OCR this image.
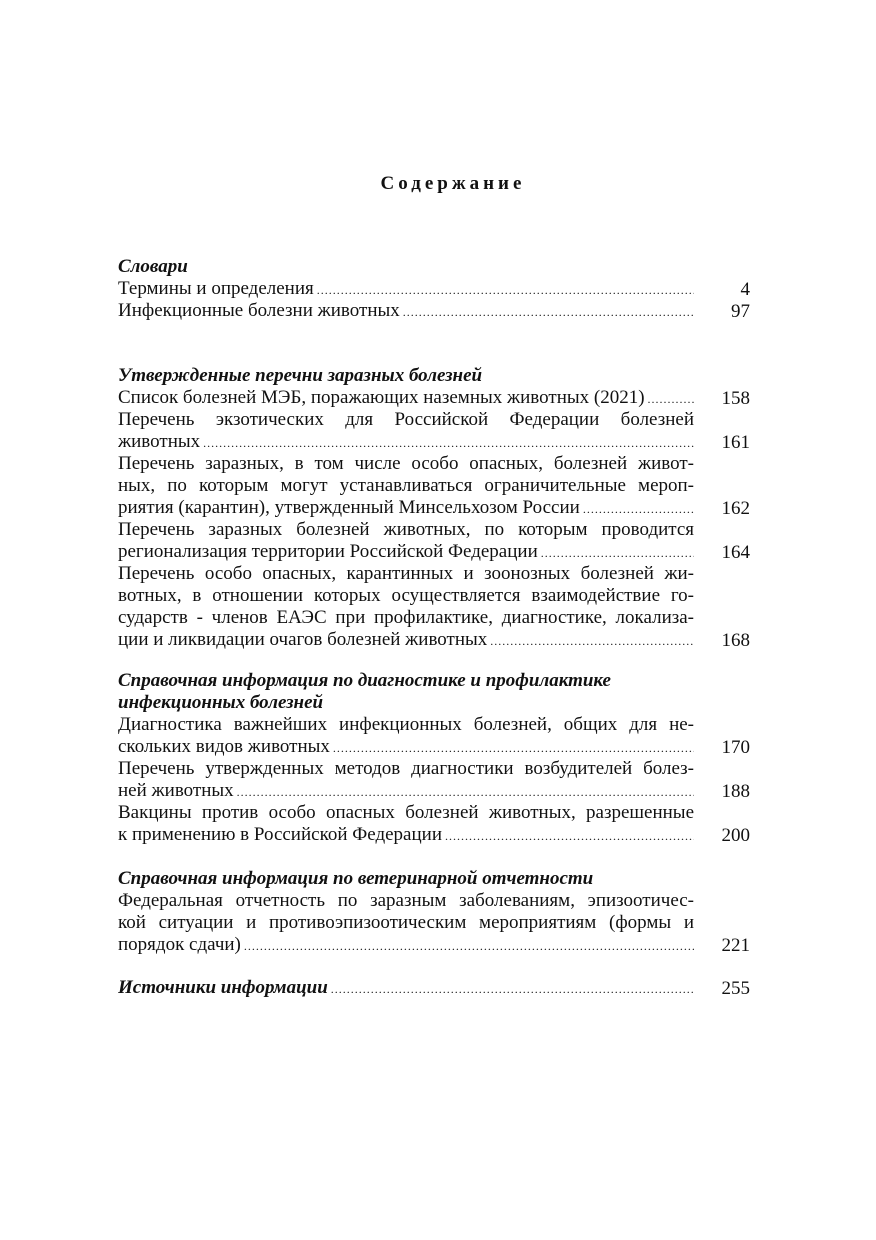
Содержание
Словари
Термины и определения .....	4
Инфекционные болезни животных .....	97
Утвержденные перечни заразных болезней
Список болезней МЭБ, поражающих наземных животных (2021) .....	158
Перечень экзотических для Российской Федерации болезней
животных .....	161
Перечень заразных, в том числе особо опасных, болезней живот-
ных, по которым могут устанавливаться ограничительные мероп-
риятия (карантин), утвержденный Минсельхозом России .....	162
Перечень заразных болезней животных, по которым проводится
регионализация территории Российской Федерации .....	164
Перечень особо опасных, карантинных и зоонозных болезней жи-
вотных, в отношении которых осуществляется взаимодействие го-
сударств - членов ЕАЭС при профилактике, диагностике, локализа-
ции и ликвидации очагов болезней животных .....	168
Справочная информация по диагностике и профилактике
инфекционных болезней
Диагностика важнейших инфекционных болезней, общих для не-
скольких видов животных .....	170
Перечень утвержденных методов диагностики возбудителей болез-
ней животных .....	188
Вакцины против особо опасных болезней животных, разрешенные
к применению в Российской Федерации .....	200
Справочная информация по ветеринарной отчетности
Федеральная отчетность по заразным заболеваниям, эпизоотичес-
кой ситуации и противоэпизоотическим мероприятиям (формы и
порядок сдачи) .....	221
Источники информации .....	255
